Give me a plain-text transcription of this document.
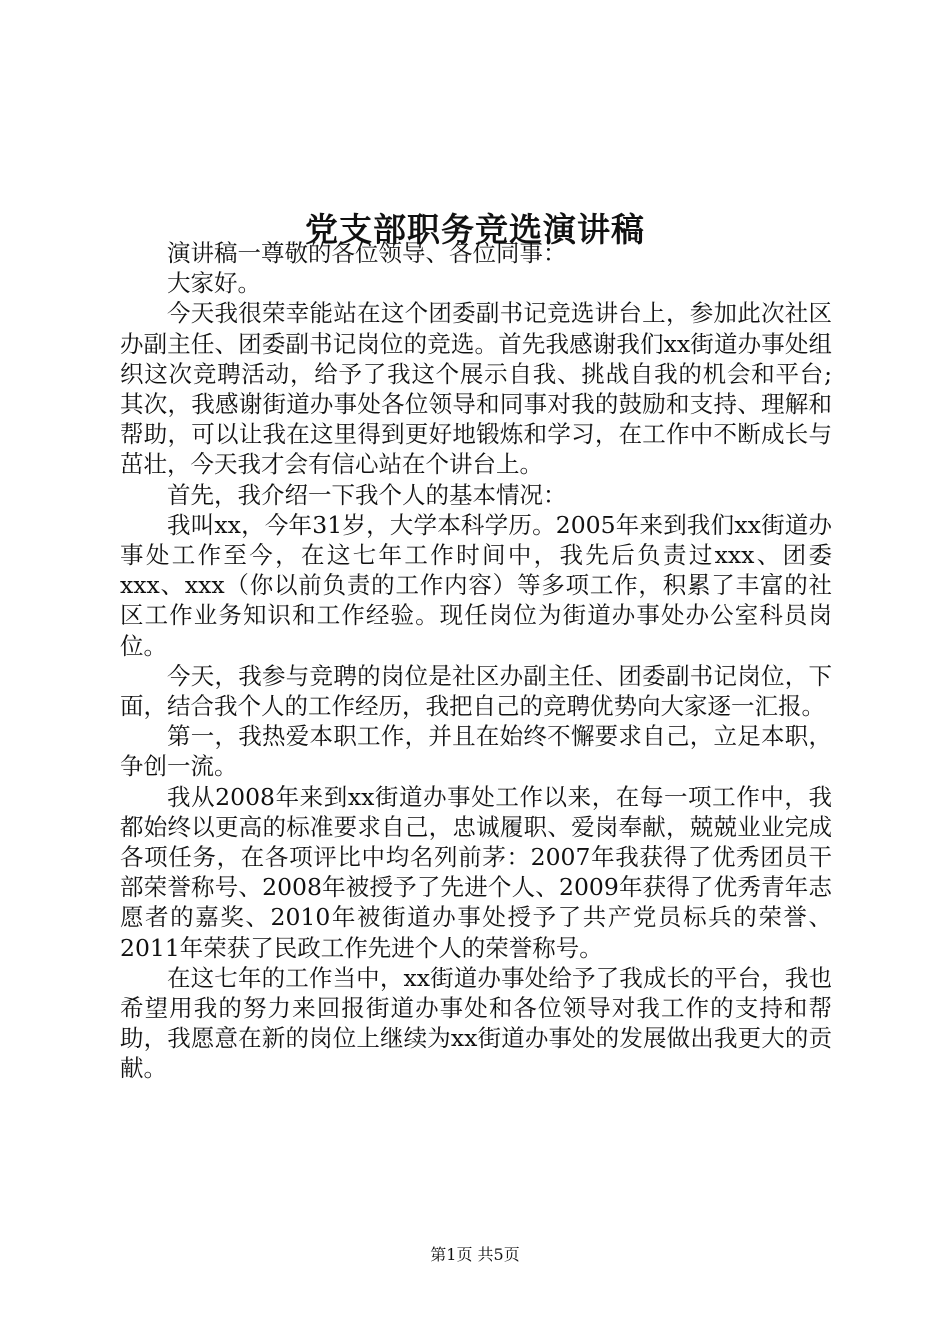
党支部职务竞选演讲稿

演讲稿一尊敬的各位领导、各位同事：

大家好。

今天我很荣幸能站在这个团委副书记竞选讲台上，参加此次社区办副主任、团委副书记岗位的竞选。首先我感谢我们xx街道办事处组织这次竞聘活动，给予了我这个展示自我、挑战自我的机会和平台;其次，我感谢街道办事处各位领导和同事对我的鼓励和支持、理解和帮助，可以让我在这里得到更好地锻炼和学习，在工作中不断成长与茁壮，今天我才会有信心站在个讲台上。

首先，我介绍一下我个人的基本情况：

我叫xx，今年31岁，大学本科学历。2005年来到我们xx街道办事处工作至今，在这七年工作时间中，我先后负责过xxx、团委xxx、xxx（你以前负责的工作内容）等多项工作，积累了丰富的社区工作业务知识和工作经验。现任岗位为街道办事处办公室科员岗位。

今天，我参与竞聘的岗位是社区办副主任、团委副书记岗位，下面，结合我个人的工作经历，我把自己的竞聘优势向大家逐一汇报。

第一，我热爱本职工作，并且在始终不懈要求自己，立足本职，争创一流。

我从2008年来到xx街道办事处工作以来，在每一项工作中，我都始终以更高的标准要求自己，忠诚履职、爱岗奉献，兢兢业业完成各项任务，在各项评比中均名列前茅：2007年我获得了优秀团员干部荣誉称号、2008年被授予了先进个人、2009年获得了优秀青年志愿者的嘉奖、2010年被街道办事处授予了共产党员标兵的荣誉、2011年荣获了民政工作先进个人的荣誉称号。

在这七年的工作当中，xx街道办事处给予了我成长的平台，我也希望用我的努力来回报街道办事处和各位领导对我工作的支持和帮助，我愿意在新的岗位上继续为xx街道办事处的发展做出我更大的贡献。

第1页 共5页
